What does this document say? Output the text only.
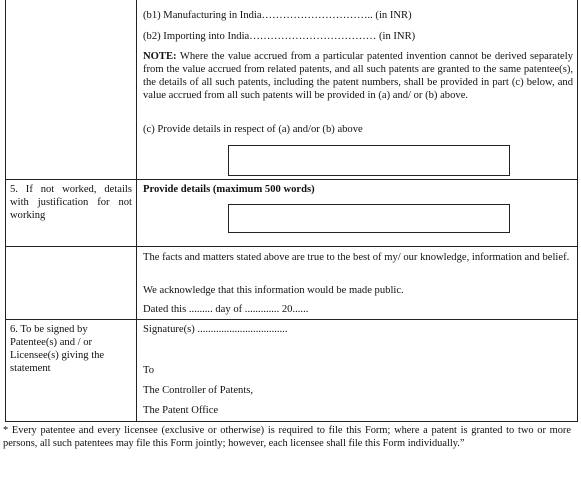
(b1) Manufacturing in India………………………….. (in INR)
(b2) Importing into India……………………………… (in INR)
NOTE: Where the value accrued from a particular patented invention cannot be derived separately from the value accrued from related patents, and all such patents are granted to the same patentee(s), the details of all such patents, including the patent numbers, shall be provided in part (c) below, and value accrued from all such patents will be provided in (a) and/ or (b) above.
(c) Provide details in respect of (a) and/or (b) above
5. If not worked, details with justification for not working
Provide details (maximum 500 words)
The facts and matters stated above are true to the best of my/ our knowledge, information and belief.
We acknowledge that this information would be made public.
Dated this ......... day of ............. 20......
6. To be signed by Patentee(s) and / or Licensee(s) giving the statement
Signature(s) ..................................
To
The Controller of Patents,
The Patent Office
* Every patentee and every licensee (exclusive or otherwise) is required to file this Form; where a patent is granted to two or more persons, all such patentees may file this Form jointly; however, each licensee shall file this Form individually.”
